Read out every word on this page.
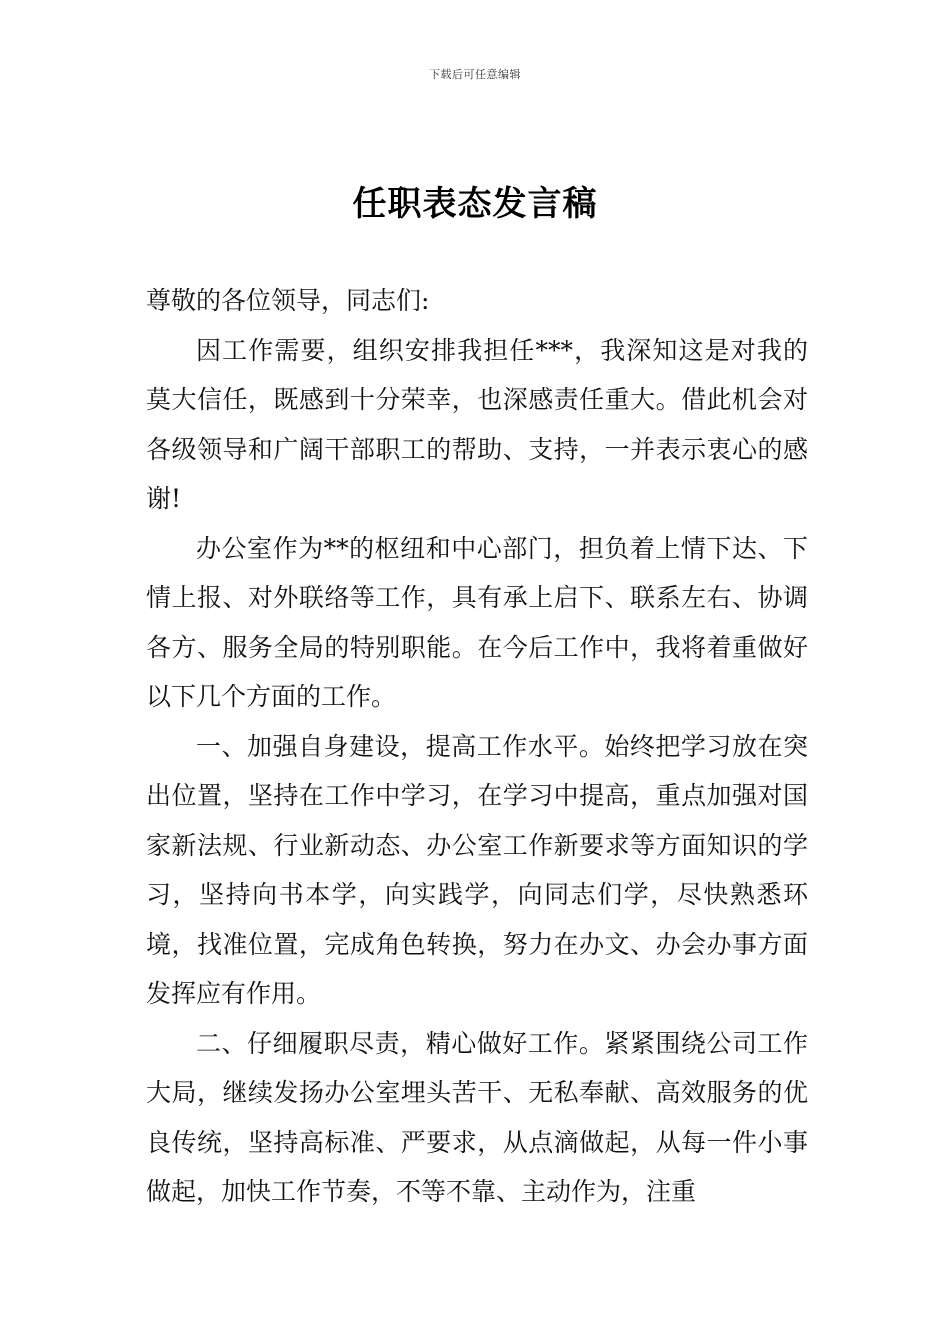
下载后可任意编辑
任职表态发言稿

尊敬的各位领导，同志们:

因工作需要，组织安排我担任***，我深知这是对我的莫大信任，既感到十分荣幸，也深感责任重大。借此机会对各级领导和广阔干部职工的帮助、支持，一并表示衷心的感谢!

办公室作为**的枢纽和中心部门，担负着上情下达、下情上报、对外联络等工作，具有承上启下、联系左右、协调各方、服务全局的特别职能。在今后工作中，我将着重做好以下几个方面的工作。

一、加强自身建设，提高工作水平。始终把学习放在突出位置，坚持在工作中学习，在学习中提高，重点加强对国家新法规、行业新动态、办公室工作新要求等方面知识的学习，坚持向书本学，向实践学，向同志们学，尽快熟悉环境，找准位置，完成角色转换，努力在办文、办会办事方面发挥应有作用。

二、仔细履职尽责，精心做好工作。紧紧围绕公司工作大局，继续发扬办公室埋头苦干、无私奉献、高效服务的优良传统，坚持高标准、严要求，从点滴做起，从每一件小事做起，加快工作节奏，不等不靠、主动作为，注重
